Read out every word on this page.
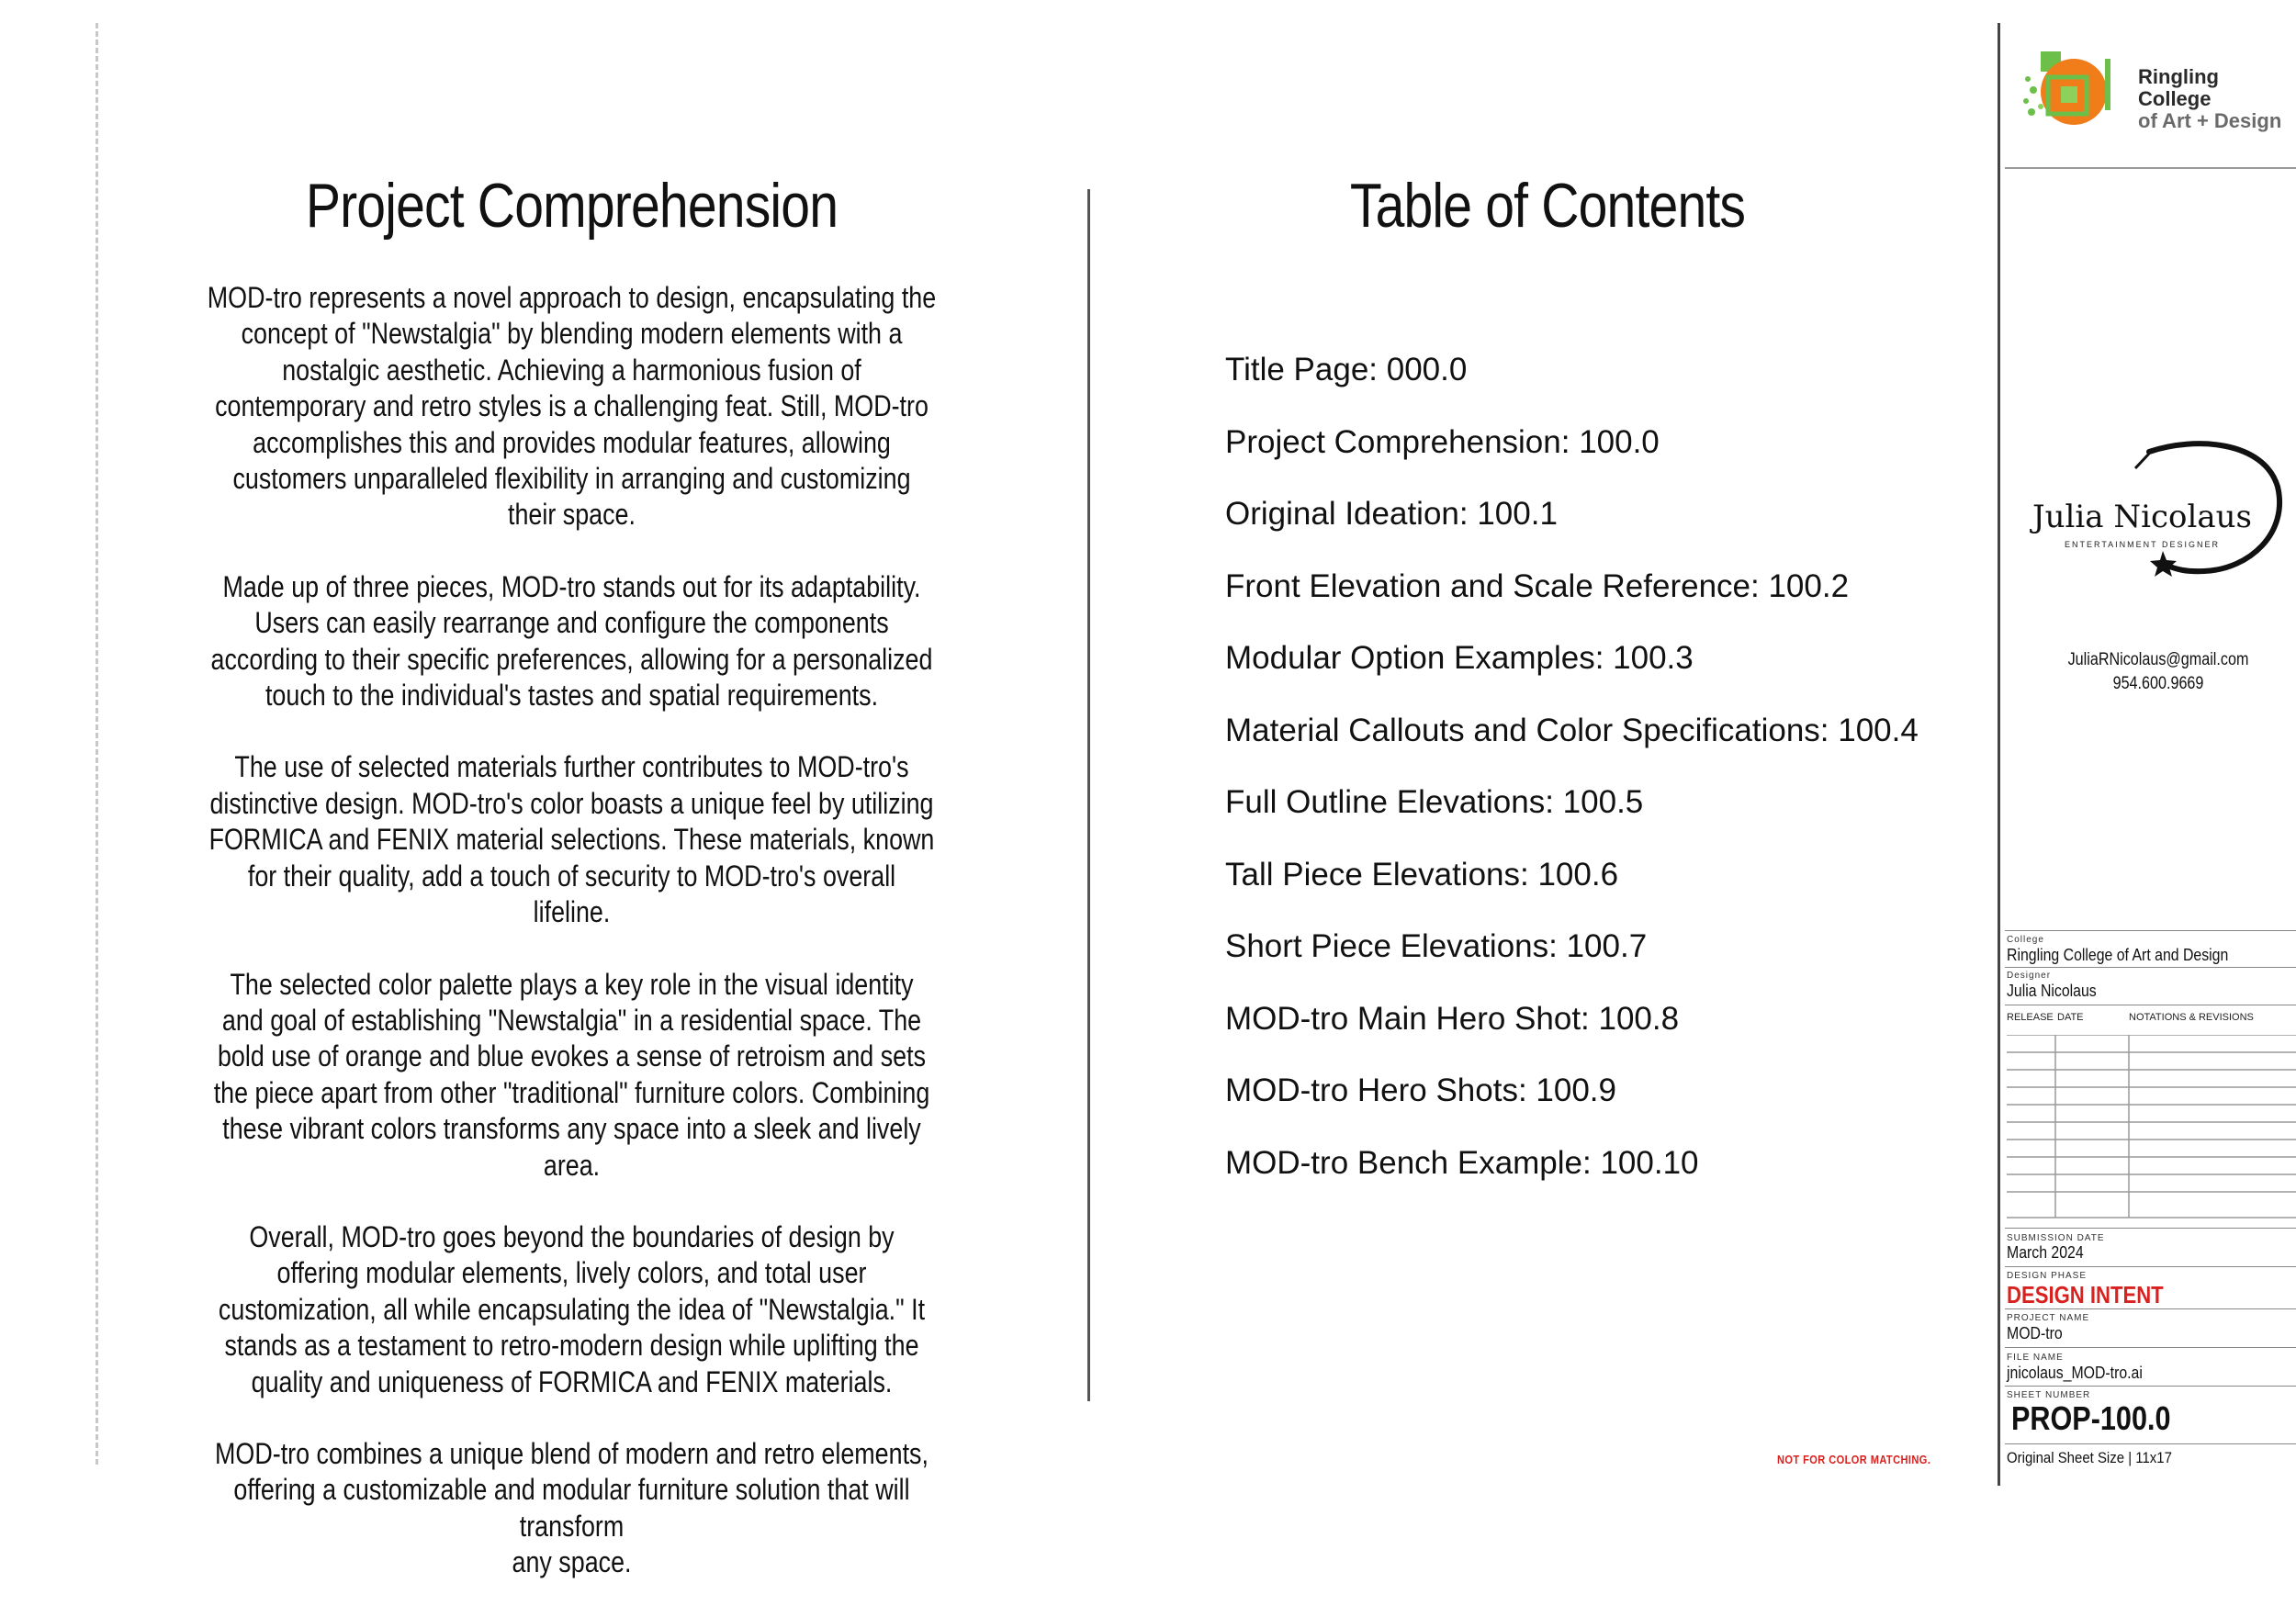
Project Comprehension

MOD-tro represents a novel approach to design, encapsulating the concept of "Newstalgia" by blending modern elements with a nostalgic aesthetic. Achieving a harmonious fusion of contemporary and retro styles is a challenging feat. Still, MOD-tro accomplishes this and provides modular features, allowing customers unparalleled flexibility in arranging and customizing their space.

Made up of three pieces, MOD-tro stands out for its adaptability. Users can easily rearrange and configure the components according to their specific preferences, allowing for a personalized touch to the individual's tastes and spatial requirements.

The use of selected materials further contributes to MOD-tro's distinctive design. MOD-tro's color boasts a unique feel by utilizing FORMICA and FENIX material selections. These materials, known for their quality, add a touch of security to MOD-tro's overall lifeline.

The selected color palette plays a key role in the visual identity and goal of establishing "Newstalgia" in a residential space. The bold use of orange and blue evokes a sense of retroism and sets the piece apart from other "traditional" furniture colors. Combining these vibrant colors transforms any space into a sleek and lively area.

Overall, MOD-tro goes beyond the boundaries of design by offering modular elements, lively colors, and total user customization, all while encapsulating the idea of "Newstalgia." It stands as a testament to retro-modern design while uplifting the quality and uniqueness of FORMICA and FENIX materials.

MOD-tro combines a unique blend of modern and retro elements,
offering a customizable and modular furniture solution that will transform
any space.

Table of Contents
Title Page: 000.0
Project Comprehension: 100.0
Original Ideation: 100.1
Front Elevation and Scale Reference: 100.2
Modular Option Examples: 100.3
Material Callouts and Color Specifications: 100.4
Full Outline Elevations: 100.5
Tall Piece Elevations: 100.6
Short Piece Elevations: 100.7
MOD-tro Main Hero Shot: 100.8
MOD-tro Hero Shots: 100.9
MOD-tro Bench Example: 100.10
Ringling College
of Art + Design
Julia Nicolaus
ENTERTAINMENT DESIGNER
JuliaRNicolaus@gmail.com
954.600.9669
College
Ringling College of Art and Design
Designer
Julia Nicolaus
RELEASE DATE	NOTATIONS & REVISIONS
SUBMISSION DATE
March 2024
DESIGN PHASE
DESIGN INTENT
PROJECT NAME
MOD-tro
FILE NAME
jnicolaus_MOD-tro.ai
SHEET NUMBER
PROP-100.0
Original Sheet Size | 11x17
NOT FOR COLOR MATCHING.
